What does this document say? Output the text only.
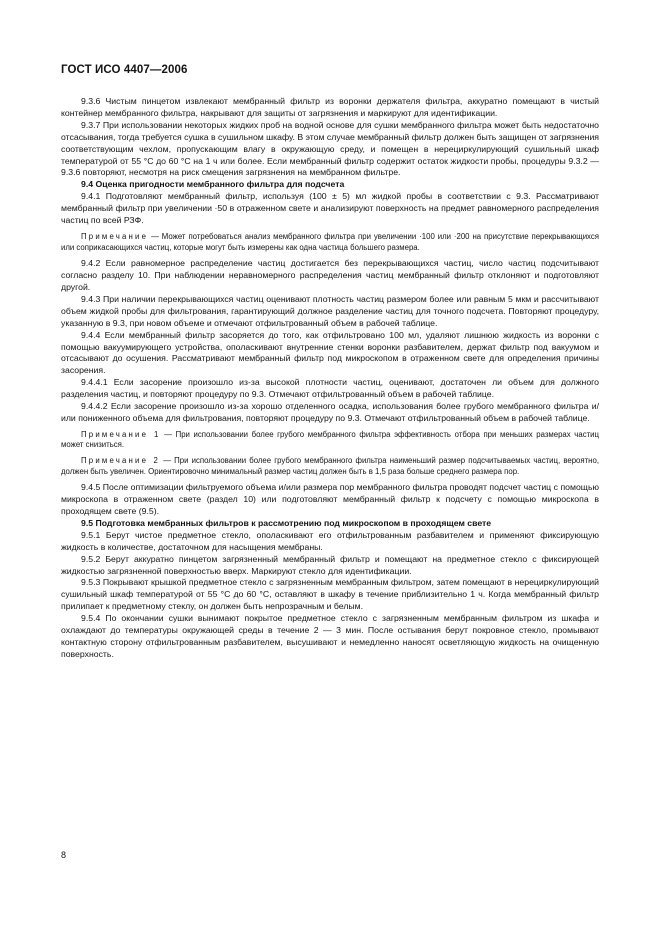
ГОСТ ИСО 4407—2006

9.3.6 Чистым пинцетом извлекают мембранный фильтр из воронки держателя фильтра, аккуратно помещают в чистый контейнер мембранного фильтра, накрывают для защиты от загрязнения и маркируют для идентификации.

9.3.7 При использовании некоторых жидких проб на водной основе для сушки мембранного фильтра может быть недостаточно отсасывания, тогда требуется сушка в сушильном шкафу. В этом случае мембранный фильтр должен быть защищен от загрязнения соответствующим чехлом, пропускающим влагу в окружающую среду, и помещен в нерециркулирующий сушильный шкаф температурой от 55 °С до 60 °С на 1 ч или более. Если мембранный фильтр содержит остаток жидкости пробы, процедуры 9.3.2 — 9.3.6 повторяют, несмотря на риск смещения загрязнения на мембранном фильтре.

9.4 Оценка пригодности мембранного фильтра для подсчета

9.4.1 Подготовляют мембранный фильтр, используя (100 ± 5) мл жидкой пробы в соответствии с 9.3. Рассматривают мембранный фильтр при увеличении ·50 в отраженном свете и анализируют поверхность на предмет равномерного распределения частиц по всей РЗФ.

Примечание — Может потребоваться анализ мембранного фильтра при увеличении ·100 или ·200 на присутствие перекрывающихся или соприкасающихся частиц, которые могут быть измерены как одна частица большего размера.

9.4.2 Если равномерное распределение частиц достигается без перекрывающихся частиц, число частиц подсчитывают согласно разделу 10. При наблюдении неравномерного распределения частиц мембранный фильтр отклоняют и подготовляют другой.

9.4.3 При наличии перекрывающихся частиц оценивают плотность частиц размером более или равным 5 мкм и рассчитывают объем жидкой пробы для фильтрования, гарантирующий должное разделение частиц для точного подсчета. Повторяют процедуру, указанную в 9.3, при новом объеме и отмечают отфильтрованный объем в рабочей таблице.

9.4.4 Если мембранный фильтр засоряется до того, как отфильтровано 100 мл, удаляют лишнюю жидкость из воронки с помощью вакуумирующего устройства, ополаскивают внутренние стенки воронки разбавителем, держат фильтр под вакуумом и отсасывают до осушения. Рассматривают мембранный фильтр под микроскопом в отраженном свете для определения причины засорения.

9.4.4.1 Если засорение произошло из-за высокой плотности частиц, оценивают, достаточен ли объем для должного разделения частиц, и повторяют процедуру по 9.3. Отмечают отфильтрованный объем в рабочей таблице.

9.4.4.2 Если засорение произошло из-за хорошо отделенного осадка, использования более грубого мембранного фильтра и/или пониженного объема для фильтрования, повторяют процедуру по 9.3. Отмечают отфильтрованный объем в рабочей таблице.

Примечание 1 — При использовании более грубого мембранного фильтра эффективность отбора при меньших размерах частиц может снизиться.

Примечание 2 — При использовании более грубого мембранного фильтра наименьший размер подсчитываемых частиц, вероятно, должен быть увеличен. Ориентировочно минимальный размер частиц должен быть в 1,5 раза больше среднего размера пор.

9.4.5 После оптимизации фильтруемого объема и/или размера пор мембранного фильтра проводят подсчет частиц с помощью микроскопа в отраженном свете (раздел 10) или подготовляют мембранный фильтр к подсчету с помощью микроскопа в проходящем свете (9.5).

9.5 Подготовка мембранных фильтров к рассмотрению под микроскопом в проходящем свете

9.5.1 Берут чистое предметное стекло, ополаскивают его отфильтрованным разбавителем и применяют фиксирующую жидкость в количестве, достаточном для насыщения мембраны.

9.5.2 Берут аккуратно пинцетом загрязненный мембранный фильтр и помещают на предметное стекло с фиксирующей жидкостью загрязненной поверхностью вверх. Маркируют стекло для идентификации.

9.5.3 Покрывают крышкой предметное стекло с загрязненным мембранным фильтром, затем помещают в нерециркулирующий сушильный шкаф температурой от 55 °С до 60 °С, оставляют в шкафу в течение приблизительно 1 ч. Когда мембранный фильтр прилипает к предметному стеклу, он должен быть непрозрачным и белым.

9.5.4 По окончании сушки вынимают покрытое предметное стекло с загрязненным мембранным фильтром из шкафа и охлаждают до температуры окружающей среды в течение 2 — 3 мин. После остывания берут покровное стекло, промывают контактную сторону отфильтрованным разбавителем, высушивают и немедленно наносят осветляющую жидкость на очищенную поверхность.

8
